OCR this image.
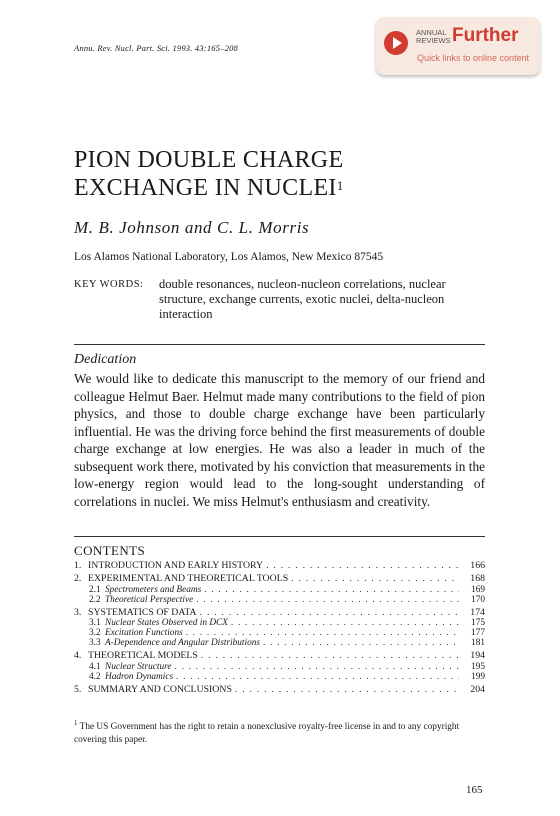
Annu. Rev. Nucl. Part. Sci. 1993. 43:165–208
ANNUAL
REVIEWS Further
Quick links to online content
PION DOUBLE CHARGE
EXCHANGE IN NUCLEI$^1$
M. B. Johnson and C. L. Morris
Los Alamos National Laboratory, Los Alamos, New Mexico 87545
KEY WORDS: double resonances, nucleon-nucleon correlations, nuclear structure, exchange currents, exotic nuclei, delta-nucleon interaction
Dedication
We would like to dedicate this manuscript to the memory of our friend and colleague Helmut Baer. Helmut made many contributions to the field of pion physics, and those to double charge exchange have been particularly influential. He was the driving force behind the first measurements of double charge exchange at low energies. He was also a leader in much of the subsequent work there, motivated by his conviction that measurements in the low-energy region would lead to the long-sought understanding of correlations in nuclei. We miss Helmut's enthusiasm and creativity.
CONTENTS
1. INTRODUCTION AND EARLY HISTORY . . .	166
2. EXPERIMENTAL AND THEORETICAL TOOLS . . .	168
2.1 Spectrometers and Beams . . .	169
2.2 Theoretical Perspective . . .	170
3. SYSTEMATICS OF DATA . . .	174
3.1 Nuclear States Observed in DCX . . .	175
3.2 Excitation Functions . . .	177
3.3 A-Dependence and Angular Distributions . . .	181
4. THEORETICAL MODELS . . .	194
4.1 Nuclear Structure . . .	195
4.2 Hadron Dynamics . . .	199
5. SUMMARY AND CONCLUSIONS . . .	204
$^1$ The US Government has the right to retain a nonexclusive royalty-free license in and to any copyright covering this paper.
165
